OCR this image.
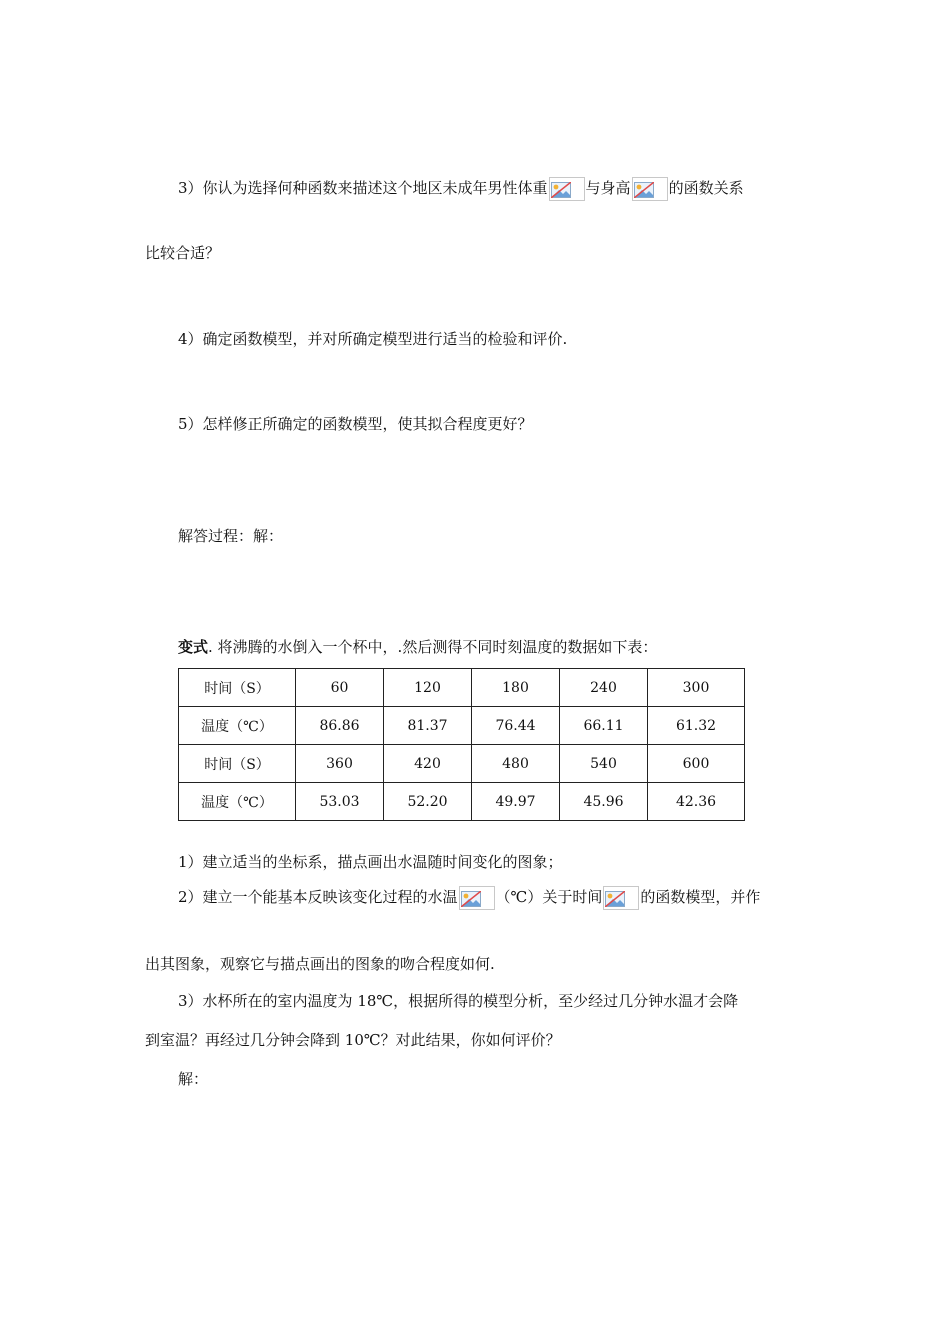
3）你认为选择何种函数来描述这个地区未成年男性体重	与身高	的函数关系
比较合适？
4）确定函数模型，并对所确定模型进行适当的检验和评价.
5）怎样修正所确定的函数模型，使其拟合程度更好？
解答过程：解：
变式. 将沸腾的水倒入一个杯中，.然后测得不同时刻温度的数据如下表：
时间（S）	60	120	180	240	300
温度（℃）	86.86	81.37	76.44	66.11	61.32
时间（S）	360	420	480	540	600
温度（℃）	53.03	52.20	49.97	45.96	42.36
1）建立适当的坐标系，描点画出水温随时间变化的图象；
2）建立一个能基本反映该变化过程的水温	（℃）关于时间	的函数模型，并作
出其图象，观察它与描点画出的图象的吻合程度如何.
3）水杯所在的室内温度为 18℃，根据所得的模型分析，至少经过几分钟水温才会降
到室温？再经过几分钟会降到 10℃？对此结果，你如何评价？
解：
